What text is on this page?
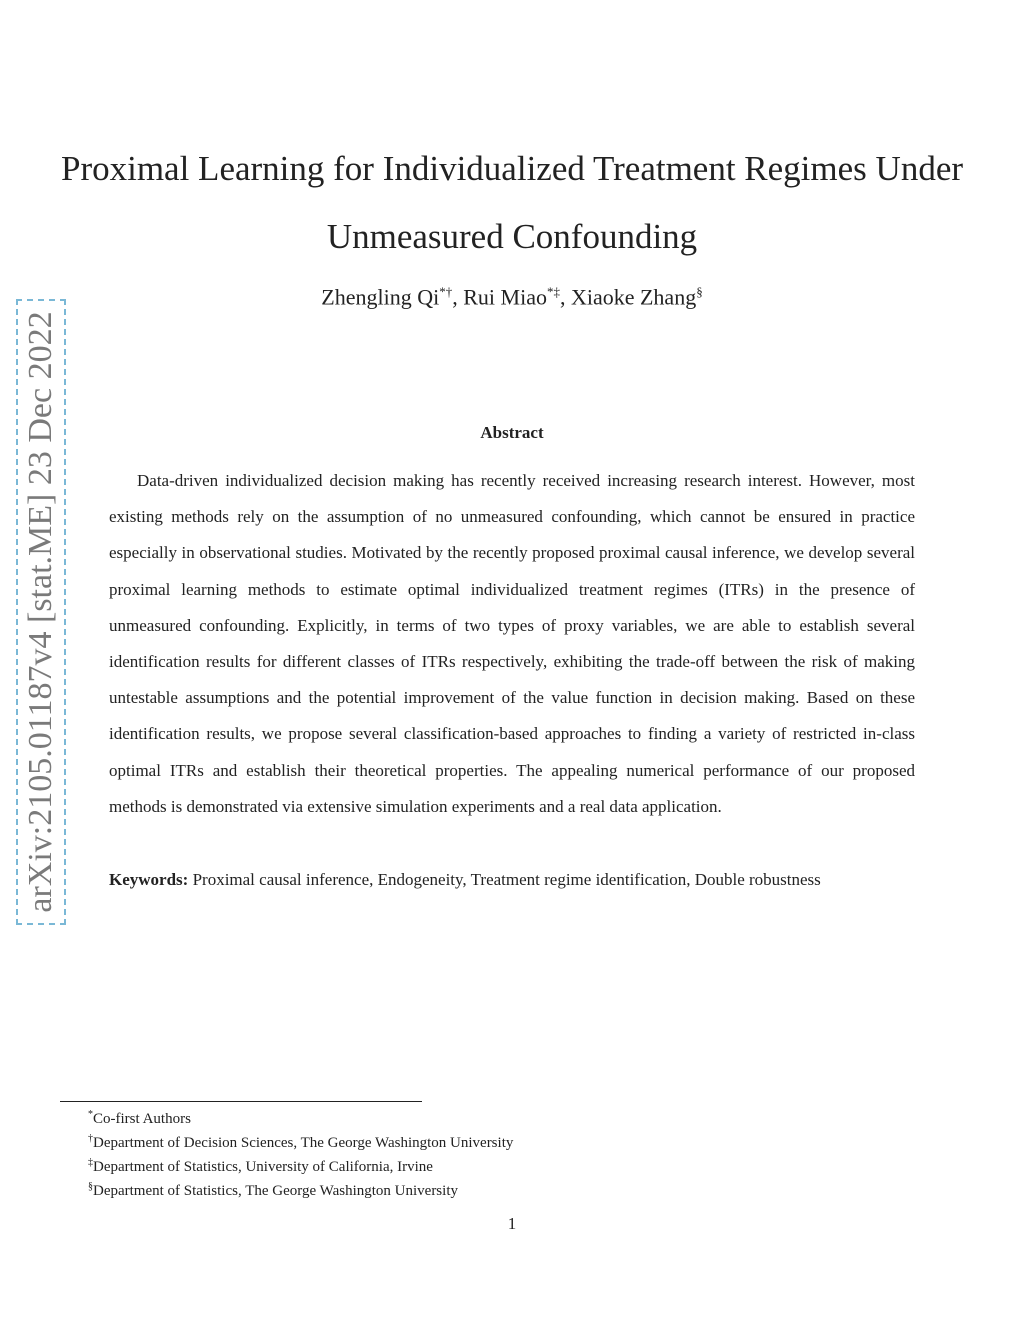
arXiv:2105.01187v4 [stat.ME] 23 Dec 2022
Proximal Learning for Individualized Treatment Regimes Under Unmeasured Confounding
Zhengling Qi*†, Rui Miao*‡, Xiaoke Zhang§
Abstract

Data-driven individualized decision making has recently received increasing research interest. However, most existing methods rely on the assumption of no unmeasured confounding, which cannot be ensured in practice especially in observational studies. Motivated by the recently proposed proximal causal inference, we develop several proximal learning methods to estimate optimal individualized treatment regimes (ITRs) in the presence of unmeasured confounding. Explicitly, in terms of two types of proxy variables, we are able to establish several identification results for different classes of ITRs respectively, exhibiting the trade-off between the risk of making untestable assumptions and the potential improvement of the value function in decision making. Based on these identification results, we propose several classification-based approaches to finding a variety of restricted in-class optimal ITRs and establish their theoretical properties. The appealing numerical performance of our proposed methods is demonstrated via extensive simulation experiments and a real data application.

Keywords: Proximal causal inference, Endogeneity, Treatment regime identification, Double robustness

*Co-first Authors
†Department of Decision Sciences, The George Washington University
‡Department of Statistics, University of California, Irvine
§Department of Statistics, The George Washington University
1
